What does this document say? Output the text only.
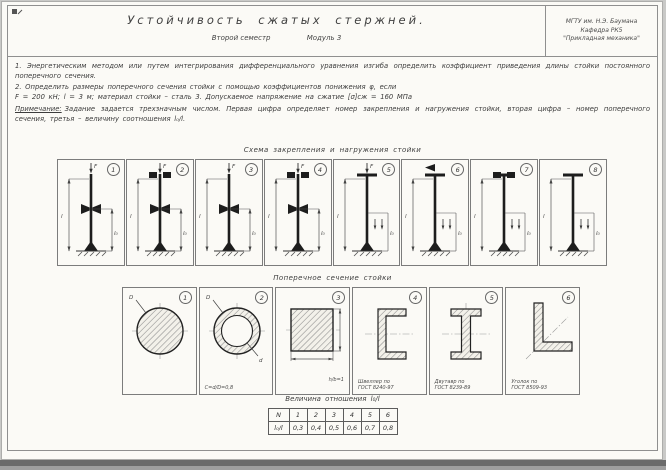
Устойчивость сжатых стержней.
Второй семестр	Модуль 3
МГТУ им. Н.Э. Баумана
Кафедра РК5
"Прикладная механика"
1. Энергетическим методом или путем интегрирования дифференциального уравнения изгиба определить коэффициент приведения длины стойки постоянного поперечного сечения.
2. Определить размеры поперечного сечения стойки с помощью коэффициентов понижения φ, если
F = 200 кН; l = 3 м; материал стойки – сталь 3. Допускаемое напряжение на сжатие [σ]сж = 160 МПа
Примечание: Задание задается трехзначным числом. Первая цифра определяет номер закрепления и нагружения стойки, вторая цифра – номер поперечного сечения, третья – величину соотношения l₀/l.
Схема закрепления и нагружения стойки
l
l₀
F	1
l
l₀
F	2
l
l₀
F	3
l
l₀
F	4
l
l₀
F	5
l
l₀
6
l
l₀
7
l
l₀
8
Поперечное сечение стойки
D	1	D
d
C=d/D=0,8
2
h/b=1
3
Швеллер по
ГОСТ 8240-97
4
Двутавр по
ГОСТ 8239-89
5
Уголок по
ГОСТ 8509-93
6
Величина отношения l₀/l
N	1	2	3	4	5	6
l₀/l	0,3	0,4	0,5	0,6	0,7	0,8
